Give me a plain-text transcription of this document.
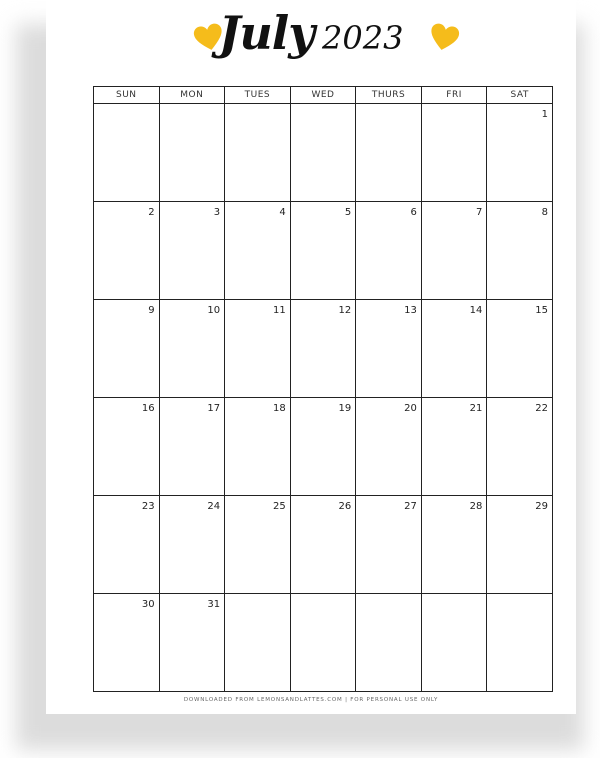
July 2023
SUN	MON	TUES	WED	THURS	FRI	SAT

						1

2	3	4	5	6	7	8

9	10	11	12	13	14	15

16	17	18	19	20	21	22

23	24	25	26	27	28	29

30	31					

DOWNLOADED FROM LEMONSANDLATTES.COM | FOR PERSONAL USE ONLY
